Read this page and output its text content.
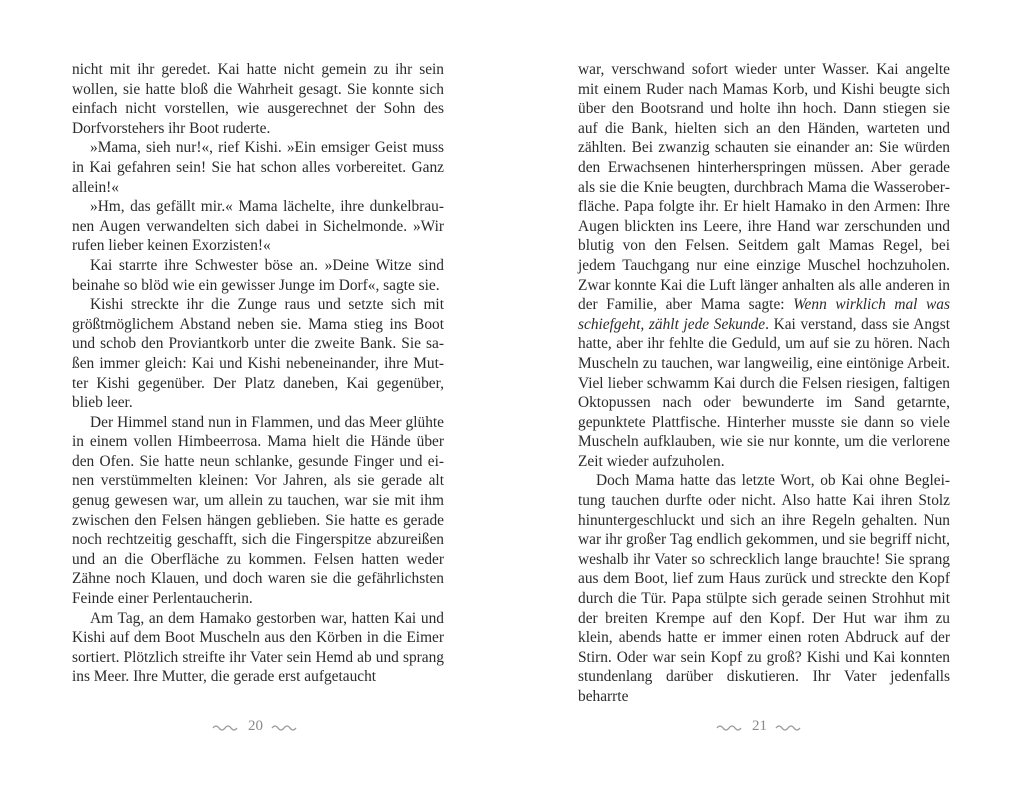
nicht mit ihr geredet. Kai hatte nicht gemein zu ihr sein wollen, sie hatte bloß die Wahrheit gesagt. Sie konnte sich einfach nicht vorstellen, wie ausgerechnet der Sohn des Dorfvorstehers ihr Boot ruderte.

»Mama, sieh nur!«, rief Kishi. »Ein emsiger Geist muss in Kai gefahren sein! Sie hat schon alles vorbereitet. Ganz allein!«

»Hm, das gefällt mir.« Mama lächelte, ihre dunkelbraunen Augen verwandelten sich dabei in Sichelmonde. »Wir rufen lieber keinen Exorzisten!«

Kai starrte ihre Schwester böse an. »Deine Witze sind beinahe so blöd wie ein gewisser Junge im Dorf«, sagte sie.

Kishi streckte ihr die Zunge raus und setzte sich mit größtmöglichem Abstand neben sie. Mama stieg ins Boot und schob den Proviantkorb unter die zweite Bank. Sie saßen immer gleich: Kai und Kishi nebeneinander, ihre Mutter Kishi gegenüber. Der Platz daneben, Kai gegenüber, blieb leer.

Der Himmel stand nun in Flammen, und das Meer glühte in einem vollen Himbeerrosa. Mama hielt die Hände über den Ofen. Sie hatte neun schlanke, gesunde Finger und einen verstümmelten kleinen: Vor Jahren, als sie gerade alt genug gewesen war, um allein zu tauchen, war sie mit ihm zwischen den Felsen hängen geblieben. Sie hatte es gerade noch rechtzeitig geschafft, sich die Fingerspitze abzureißen und an die Oberfläche zu kommen. Felsen hatten weder Zähne noch Klauen, und doch waren sie die gefährlichsten Feinde einer Perlentaucherin.

Am Tag, an dem Hamako gestorben war, hatten Kai und Kishi auf dem Boot Muscheln aus den Körben in die Eimer sortiert. Plötzlich streifte ihr Vater sein Hemd ab und sprang ins Meer. Ihre Mutter, die gerade erst aufgetaucht

war, verschwand sofort wieder unter Wasser. Kai angelte mit einem Ruder nach Mamas Korb, und Kishi beugte sich über den Bootsrand und holte ihn hoch. Dann stiegen sie auf die Bank, hielten sich an den Händen, warteten und zählten. Bei zwanzig schauten sie einander an: Sie würden den Erwachsenen hinterherspringen müssen. Aber gerade als sie die Knie beugten, durchbrach Mama die Wasseroberfläche. Papa folgte ihr. Er hielt Hamako in den Armen: Ihre Augen blickten ins Leere, ihre Hand war zerschunden und blutig von den Felsen. Seitdem galt Mamas Regel, bei jedem Tauchgang nur eine einzige Muschel hochzuholen. Zwar konnte Kai die Luft länger anhalten als alle anderen in der Familie, aber Mama sagte: Wenn wirklich mal was schiefgeht, zählt jede Sekunde. Kai verstand, dass sie Angst hatte, aber ihr fehlte die Geduld, um auf sie zu hören. Nach Muscheln zu tauchen, war langweilig, eine eintönige Arbeit. Viel lieber schwamm Kai durch die Felsen riesigen, faltigen Oktopussen nach oder bewunderte im Sand getarnte, gepunktete Plattfische. Hinterher musste sie dann so viele Muscheln aufklauben, wie sie nur konnte, um die verlorene Zeit wieder aufzuholen.

Doch Mama hatte das letzte Wort, ob Kai ohne Begleitung tauchen durfte oder nicht. Also hatte Kai ihren Stolz hinuntergeschluckt und sich an ihre Regeln gehalten. Nun war ihr großer Tag endlich gekommen, und sie begriff nicht, weshalb ihr Vater so schrecklich lange brauchte! Sie sprang aus dem Boot, lief zum Haus zurück und streckte den Kopf durch die Tür. Papa stülpte sich gerade seinen Strohhut mit der breiten Krempe auf den Kopf. Der Hut war ihm zu klein, abends hatte er immer einen roten Abdruck auf der Stirn. Oder war sein Kopf zu groß? Kishi und Kai konnten stundenlang darüber diskutieren. Ihr Vater jedenfalls beharrte

20	21
